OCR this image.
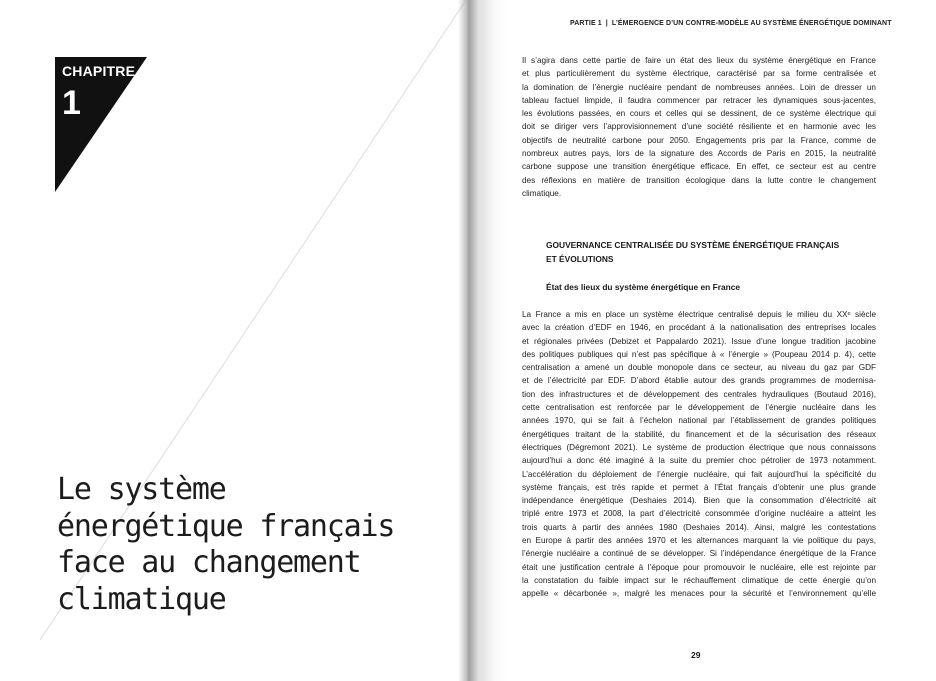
CHAPITRE
1
Le système
énergétique français
face au changement
climatique
PARTIE 1 | L’ÉMERGENCE D’UN CONTRE-MODÈLE AU SYSTÈME ÉNERGÉTIQUE DOMINANT
Il s’agira dans cette partie de faire un état des lieux du système énergétique en France
et plus particulièrement du système électrique, caractérisé par sa forme centralisée et
la domination de l’énergie nucléaire pendant de nombreuses années. Loin de dresser un
tableau factuel limpide, il faudra commencer par retracer les dynamiques sous-jacentes,
les évolutions passées, en cours et celles qui se dessinent, de ce système électrique qui
doit se diriger vers l’approvisionnement d’une société résiliente et en harmonie avec les
objectifs de neutralité carbone pour 2050. Engagements pris par la France, comme de
nombreux autres pays, lors de la signature des Accords de Paris en 2015, la neutralité
carbone suppose une transition énergétique efficace. En effet, ce secteur est au centre
des réflexions en matière de transition écologique dans la lutte contre le changement
climatique.
GOUVERNANCE CENTRALISÉE DU SYSTÈME ÉNERGÉTIQUE FRANÇAIS
ET ÉVOLUTIONS
État des lieux du système énergétique en France
La France a mis en place un système électrique centralisé depuis le milieu du XXᵉ siècle
avec la création d’EDF en 1946, en procédant à la nationalisation des entreprises locales
et régionales privées (Debizet et Pappalardo 2021). Issue d’une longue tradition jacobine
des politiques publiques qui n’est pas spécifique à « l’énergie » (Poupeau 2014 p. 4), cette
centralisation a amené un double monopole dans ce secteur, au niveau du gaz par GDF
et de l’électricité par EDF. D’abord établie autour des grands programmes de modernisa-
tion des infrastructures et de développement des centrales hydrauliques (Boutaud 2016),
cette centralisation est renforcée par le développement de l’énergie nucléaire dans les
années 1970, qui se fait à l’échelon national par l’établissement de grandes politiques
énergétiques traitant de la stabilité, du financement et de la sécurisation des réseaux
électriques (Dégremont 2021). Le système de production électrique que nous connaissons
aujourd’hui a donc été imaginé à la suite du premier choc pétrolier de 1973 notamment.
L’accélération du déploiement de l’énergie nucléaire, qui fait aujourd’hui la spécificité du
système français, est très rapide et permet à l’État français d’obtenir une plus grande
indépendance énergétique (Deshaies 2014). Bien que la consommation d’électricité ait
triplé entre 1973 et 2008, la part d’électricité consommée d’origine nucléaire a atteint les
trois quarts à partir des années 1980 (Deshaies 2014). Ainsi, malgré les contestations
en Europe à partir des années 1970 et les alternances marquant la vie politique du pays,
l’énergie nucléaire a continué de se développer. Si l’indépendance énergétique de la France
était une justification centrale à l’époque pour promouvoir le nucléaire, elle est rejointe par
la constatation du faible impact sur le réchauffement climatique de cette énergie qu’on
appelle « décarbonée », malgré les menaces pour la sécurité et l’environnement qu’elle
29
